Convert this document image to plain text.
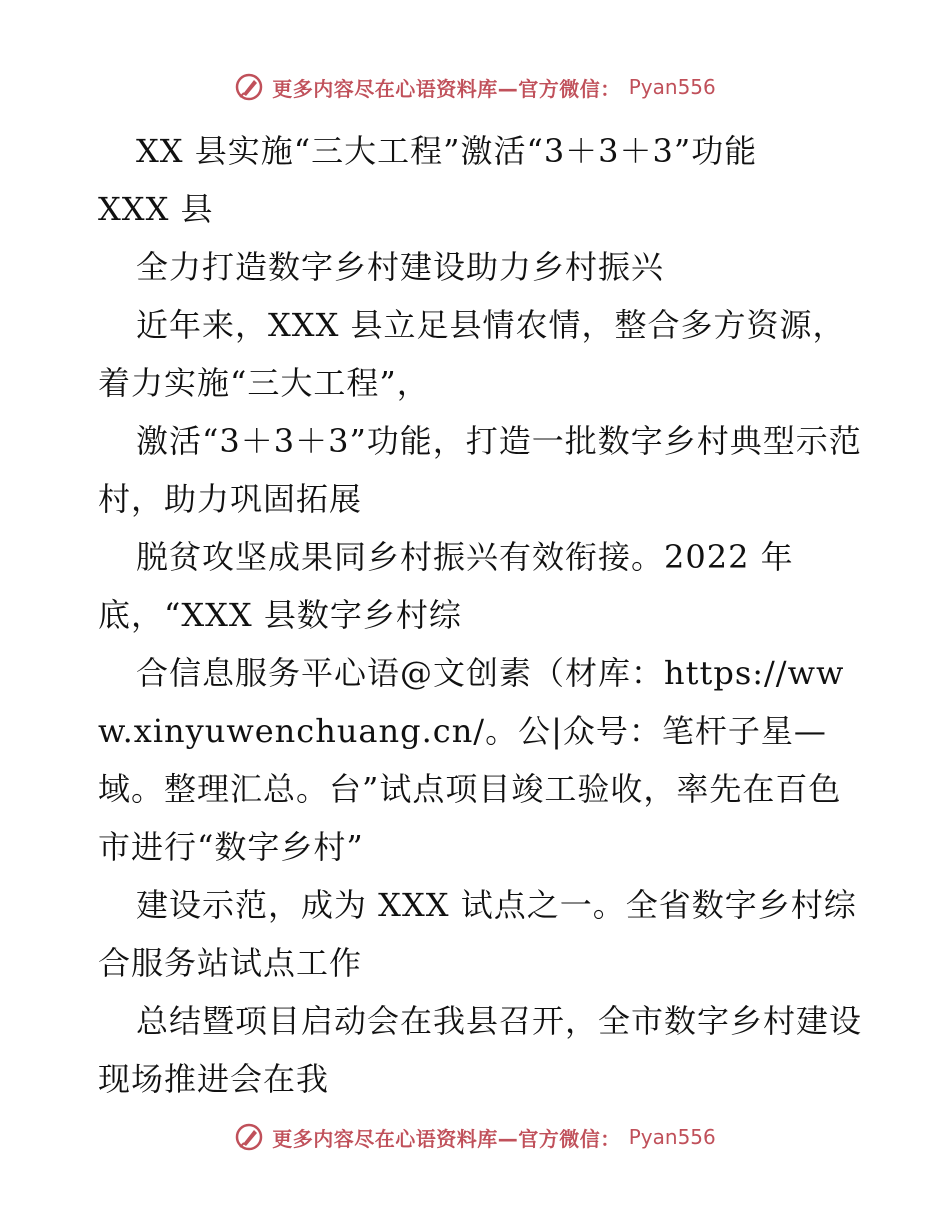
更多内容尽在心语资料库—官方微信： Pyan556

XX 县实施“三大工程”激活“3＋3＋3”功能

XXX 县

全力打造数字乡村建设助力乡村振兴

近年来，XXX 县立足县情农情，整合多方资源，着力实施“三大工程”，

激活“3＋3＋3”功能，打造一批数字乡村典型示范村，助力巩固拓展

脱贫攻坚成果同乡村振兴有效衔接。2022 年底，“XXX 县数字乡村综

合信息服务平心语@文创素（材库：https://www.xinyuwenchuang.cn/。公|众号：笔杆子星—域。整理汇总。台”试点项目竣工验收，率先在百色市进行“数字乡村”

建设示范，成为 XXX 试点之一。全省数字乡村综合服务站试点工作

总结暨项目启动会在我县召开，全市数字乡村建设现场推进会在我

更多内容尽在心语资料库—官方微信： Pyan556
